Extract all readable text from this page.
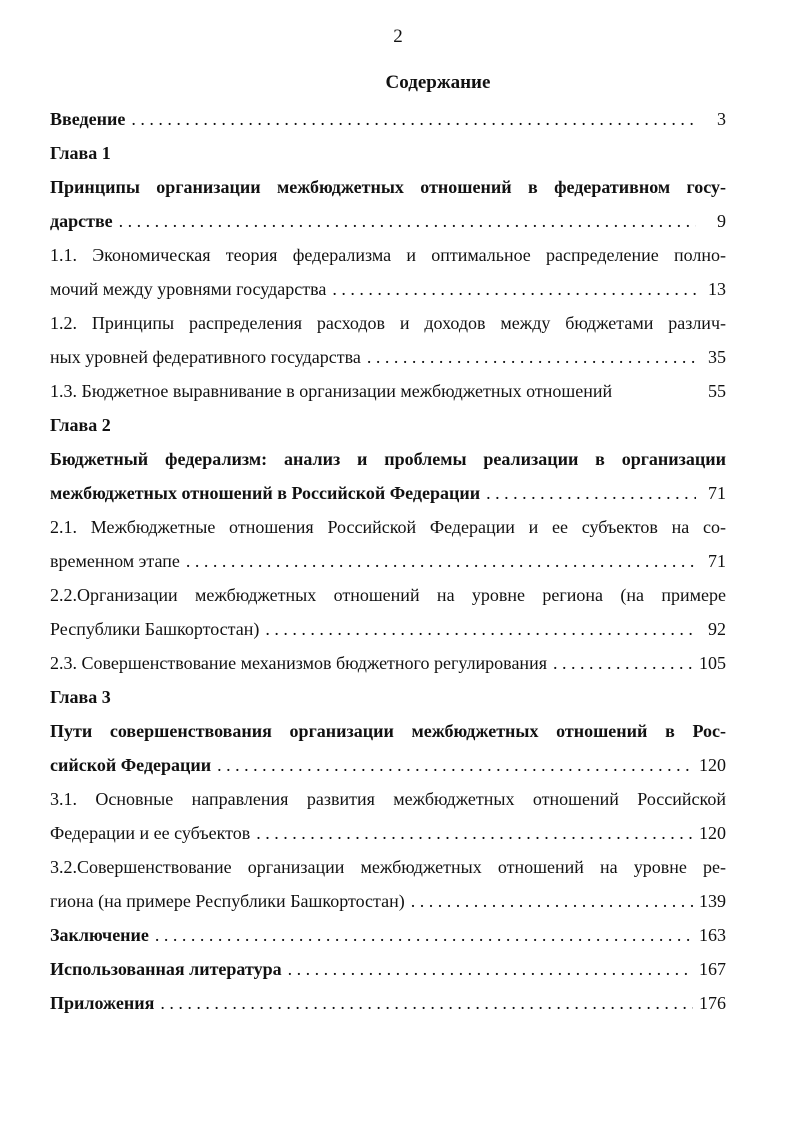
2
Содержание
Введение . . .	3
Глава 1
Принципы организации межбюджетных отношений в федеративном госу-
дарстве . . .	9
1.1. Экономическая теория федерализма и оптимальное распределение полно-
мочий между уровнями государства . . .	13
1.2. Принципы распределения расходов и доходов между бюджетами различ-
ных уровней федеративного государства . . .	35
1.3. Бюджетное выравнивание в организации межбюджетных отношений	55
Глава 2
Бюджетный федерализм: анализ и проблемы реализации в организации
межбюджетных отношений в Российской Федерации . . .	71
2.1. Межбюджетные отношения Российской Федерации и ее субъектов на со-
временном этапе . . .	71
2.2.Организации межбюджетных отношений на уровне региона (на примере
Республики Башкортостан) . . .	92
2.3. Совершенствование механизмов бюджетного регулирования . . .	105
Глава 3
Пути совершенствования организации межбюджетных отношений в Рос-
сийской Федерации . . .	120
3.1. Основные направления развития межбюджетных отношений Российской
Федерации и ее субъектов . . .	120
3.2.Совершенствование организации межбюджетных отношений на уровне ре-
гиона (на примере Республики Башкортостан) . . .	139
Заключение . . .	163
Использованная литература . . .	167
Приложения . . .	176
